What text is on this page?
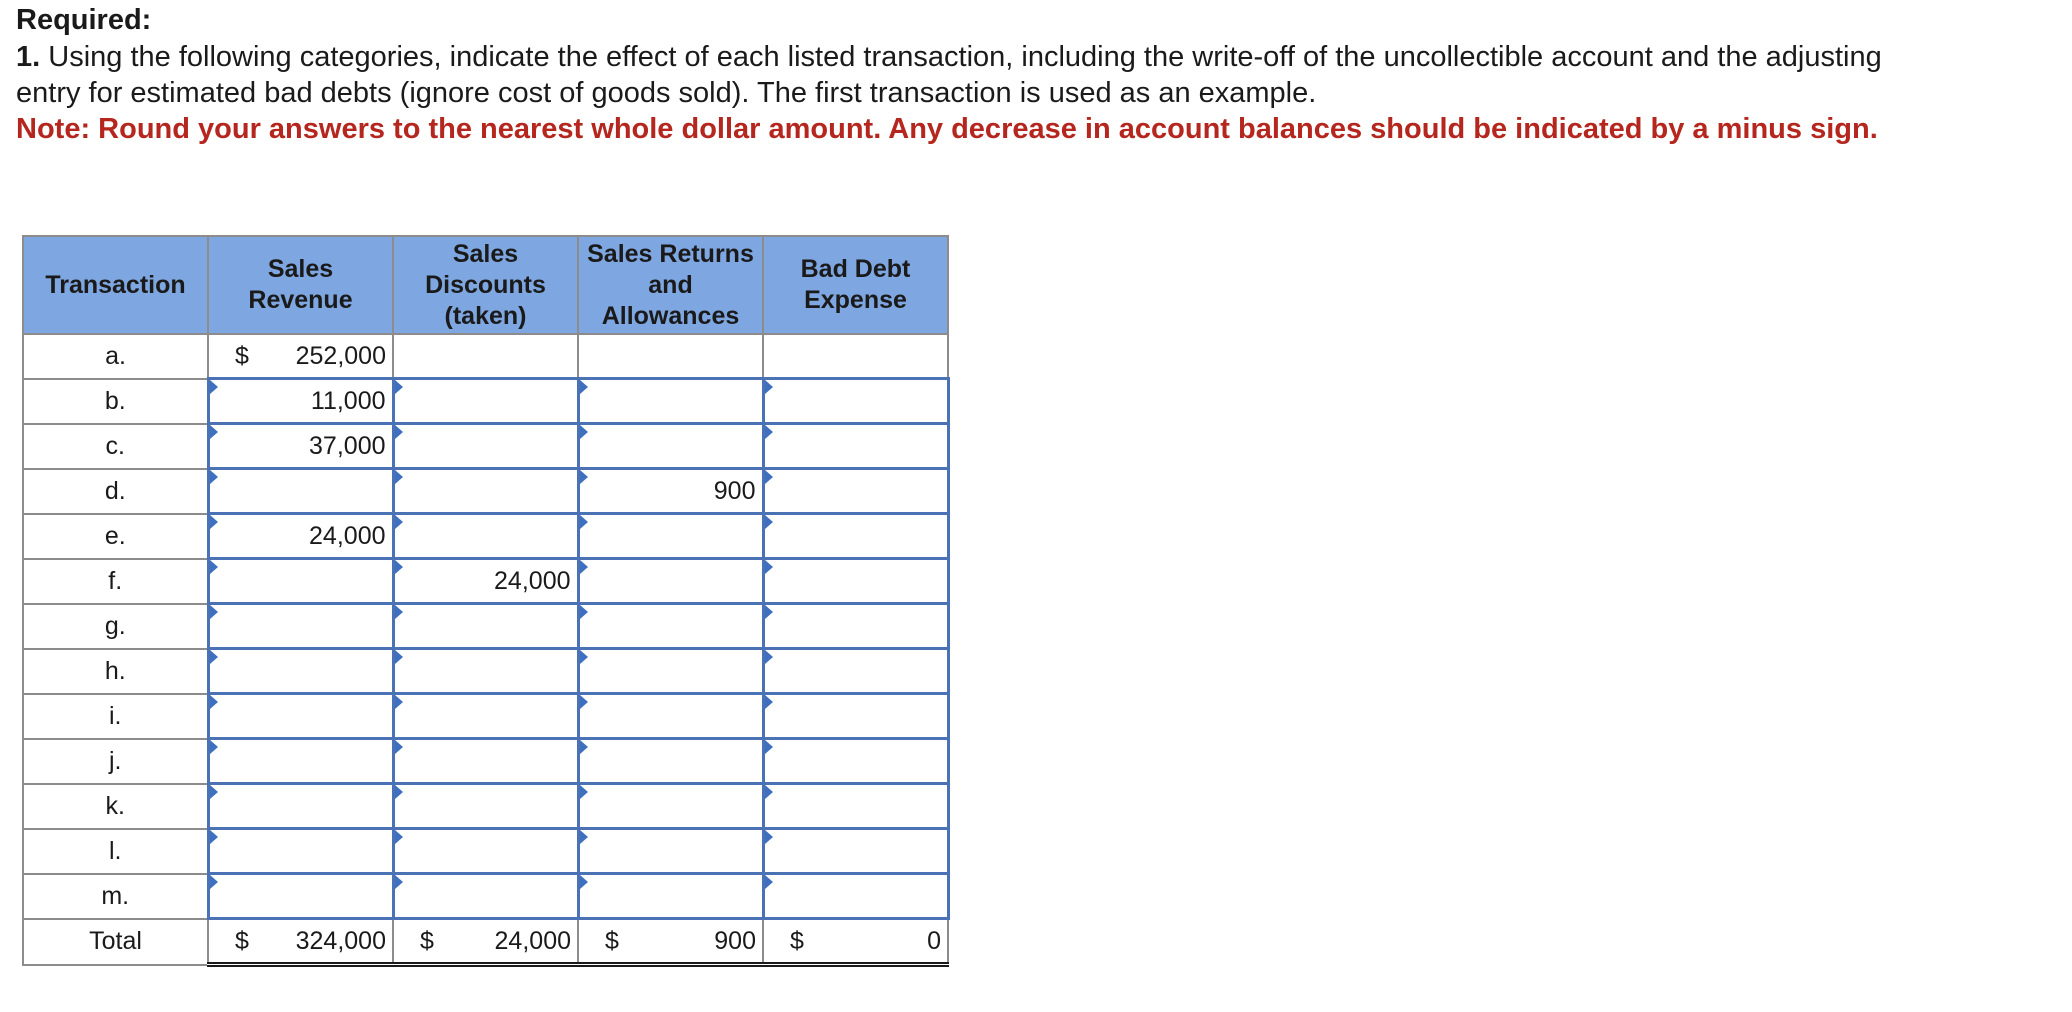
Required:
1. Using the following categories, indicate the effect of each listed transaction, including the write-off of the uncollectible account and the adjusting entry for estimated bad debts (ignore cost of goods sold). The first transaction is used as an example.
Note: Round your answers to the nearest whole dollar amount. Any decrease in account balances should be indicated by a minus sign.
Transaction	Sales Revenue	Sales Discounts (taken)	Sales Returns and Allowances	Bad Debt Expense
a.	$ 252,000			

b.	11,000			

c.	37,000			

d.			900	

e.	24,000			

f.		24,000		

g.	

h.	

i.	

j.	

k.	

l.	

m.	

Total	$ 324,000	$ 24,000	$ 900	$ 0
